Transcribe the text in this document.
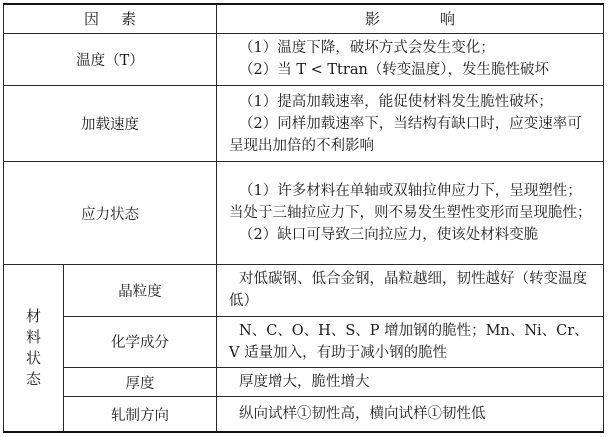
因素		影响
温度（T）		（1）温度下降，破坏方式会发生变化；

（2）当 T < Ttran（转变温度），发生脆性破坏

加载速度		（1）提高加载速率，能促使材料发生脆性破坏；

（2）同样加载速率下，当结构有缺口时，应变速率可呈现出加倍的不利影响

应力状态		（1）许多材料在单轴或双轴拉伸应力下，呈现塑性；当处于三轴拉应力下，则不易发生塑性变形而呈现脆性；

（2）缺口可导致三向拉应力，使该处材料变脆

材
料
状
态	晶粒度	对低碳钢、低合金钢，晶粒越细，韧性越好（转变温度低）
	化学成分	N、C、O、H、S、P 增加钢的脆性；Mn、Ni、Cr、V 适量加入，有助于减小钢的脆性
	厚度	厚度增大，脆性增大
	轧制方向	纵向试样①韧性高，横向试样①韧性低
